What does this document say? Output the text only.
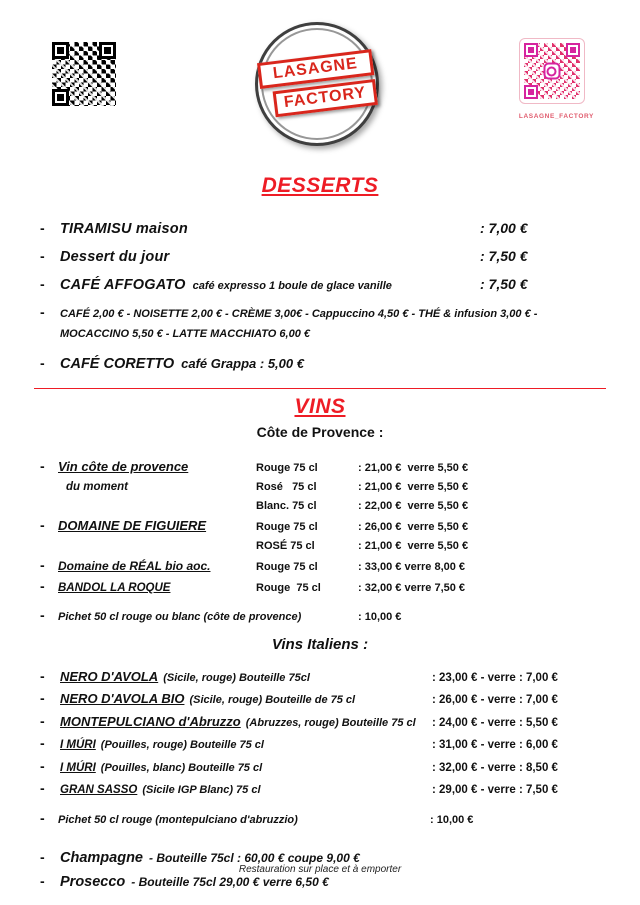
LASAGNE
FACTORY
LASAGNE_FACTORY
DESSERTS
-	TIRAMISU maison	: 7,00 €
-	Dessert du jour	: 7,50 €
-	CAFÉ AFFOGATO café expresso 1 boule de glace vanille	: 7,50 €
-	CAFÉ 2,00 € - NOISETTE 2,00 € - CRÈME 3,00€ - Cappuccino 4,50 € - THÉ & infusion 3,00 € -
MOCACCINO 5,50 € - LATTE MACCHIATO 6,00 €
-	CAFÉ CORETTO café Grappa : 5,00 €
VINS
Côte de Provence :
-	Vin côte de provence	Rouge 75 cl	: 21,00 €  verre 5,50 €
du moment	Rosé   75 cl	: 21,00 €  verre 5,50 €
Blanc. 75 cl	: 22,00 €  verre 5,50 €
-	DOMAINE DE FIGUIERE	Rouge 75 cl	: 26,00 €  verre 5,50 €
ROSÉ 75 cl	: 21,00 €  verre 5,50 €
-	Domaine de RÉAL bio aoc.	Rouge 75 cl	: 33,00 € verre 8,00 €
-	BANDOL LA ROQUE	Rouge  75 cl	: 32,00 € verre 7,50 €
-	Pichet 50 cl rouge ou blanc (côte de provence)	: 10,00 €
Vins Italiens :
-	NERO D'AVOLA (Sicile, rouge) Bouteille 75cl	: 23,00 € - verre : 7,00 €
-	NERO D'AVOLA BIO (Sicile, rouge) Bouteille de 75 cl	: 26,00 € - verre : 7,00 €
-	MONTEPULCIANO d'Abruzzo (Abruzzes, rouge) Bouteille 75 cl : 24,00 € - verre : 5,50 €
-	I MÚRI (Pouilles, rouge) Bouteille 75 cl	: 31,00 € - verre : 6,00 €
-	I MÚRI (Pouilles, blanc) Bouteille 75 cl	: 32,00 € - verre : 8,50 €
-	GRAN SASSO (Sicile IGP Blanc) 75 cl	: 29,00 € - verre : 7,50 €
-	Pichet 50 cl rouge (montepulciano d'abruzzio)	: 10,00 €
-	Champagne - Bouteille 75cl : 60,00 € coupe 9,00 €
-	Prosecco - Bouteille 75cl 29,00 € verre 6,50 €
Restauration sur place et à emporter
